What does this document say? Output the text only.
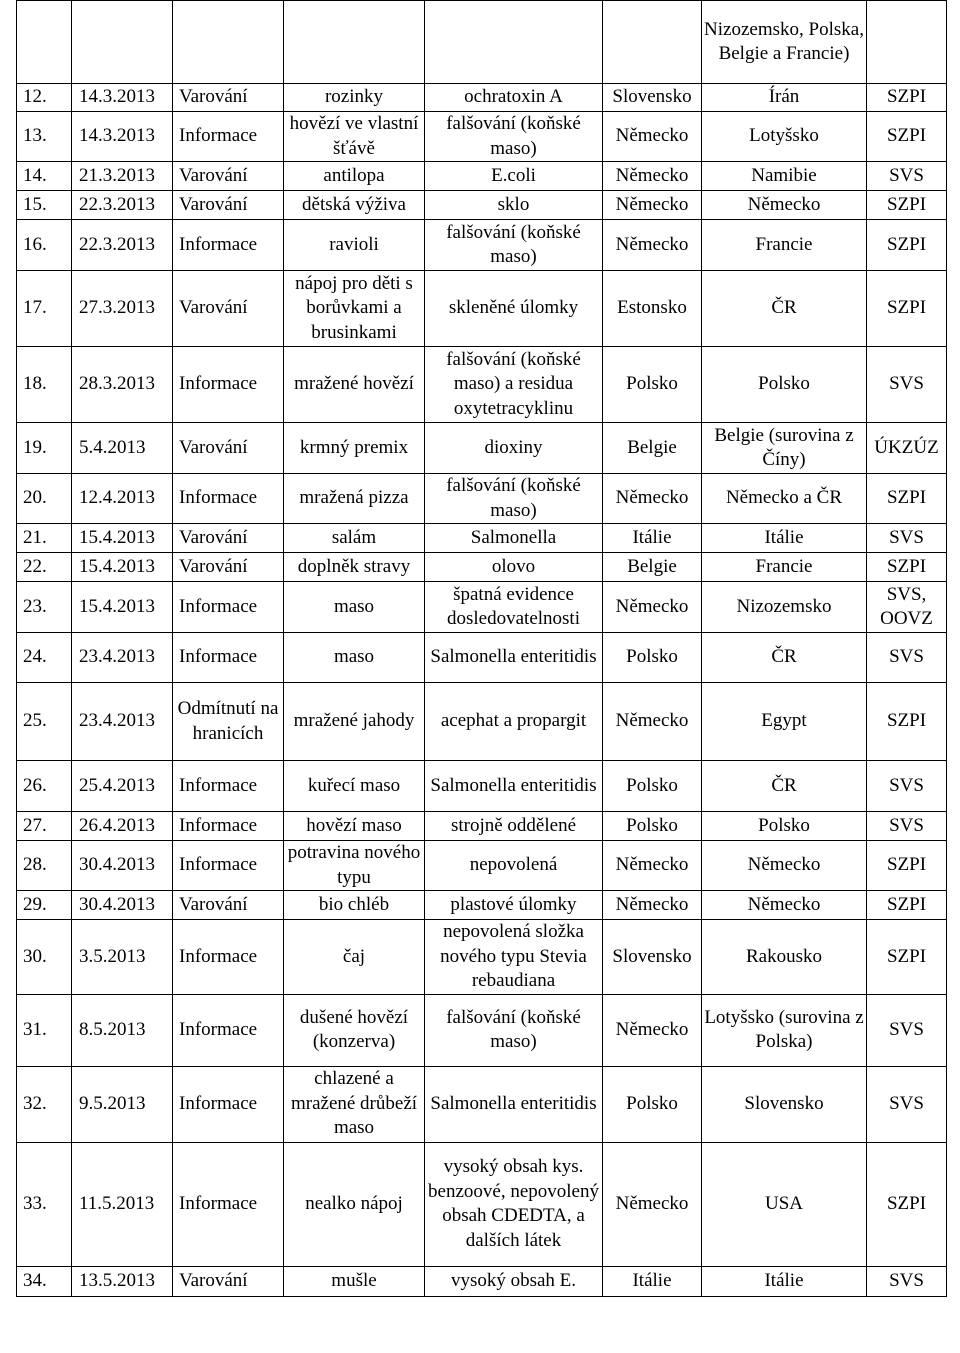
						Nizozemsko, Polska, Belgie a Francie)	
12.	14.3.2013	Varování	rozinky	ochratoxin A	Slovensko	Írán	SZPI
13.	14.3.2013	Informace	hovězí ve vlastní šťávě	falšování (koňské maso)	Německo	Lotyšsko	SZPI
14.	21.3.2013	Varování	antilopa	E.coli	Německo	Namibie	SVS
15.	22.3.2013	Varování	dětská výživa	sklo	Německo	Německo	SZPI
16.	22.3.2013	Informace	ravioli	falšování (koňské maso)	Německo	Francie	SZPI
17.	27.3.2013	Varování	nápoj pro děti s borůvkami a brusinkami	skleněné úlomky	Estonsko	ČR	SZPI
18.	28.3.2013	Informace	mražené hovězí	falšování (koňské maso) a residua oxytetracyklinu	Polsko	Polsko	SVS
19.	5.4.2013	Varování	krmný premix	dioxiny	Belgie	Belgie (surovina z Číny)	ÚKZÚZ
20.	12.4.2013	Informace	mražená pizza	falšování (koňské maso)	Německo	Německo a ČR	SZPI
21.	15.4.2013	Varování	salám	Salmonella	Itálie	Itálie	SVS
22.	15.4.2013	Varování	doplněk stravy	olovo	Belgie	Francie	SZPI
23.	15.4.2013	Informace	maso	špatná evidence dosledovatelnosti	Německo	Nizozemsko	SVS, OOVZ
24.	23.4.2013	Informace	maso	Salmonella enteritidis	Polsko	ČR	SVS
25.	23.4.2013	Odmítnutí na hranicích	mražené jahody	acephat a propargit	Německo	Egypt	SZPI
26.	25.4.2013	Informace	kuřecí maso	Salmonella enteritidis	Polsko	ČR	SVS
27.	26.4.2013	Informace	hovězí maso	strojně oddělené	Polsko	Polsko	SVS
28.	30.4.2013	Informace	potravina nového typu	nepovolená	Německo	Německo	SZPI
29.	30.4.2013	Varování	bio chléb	plastové úlomky	Německo	Německo	SZPI
30.	3.5.2013	Informace	čaj	nepovolená složka nového typu Stevia rebaudiana	Slovensko	Rakousko	SZPI
31.	8.5.2013	Informace	dušené hovězí (konzerva)	falšování (koňské maso)	Německo	Lotyšsko (surovina z Polska)	SVS
32.	9.5.2013	Informace	chlazené a mražené drůbeží maso	Salmonella enteritidis	Polsko	Slovensko	SVS
33.	11.5.2013	Informace	nealko nápoj	vysoký obsah kys. benzoové, nepovolený obsah CDEDTA, a dalších látek	Německo	USA	SZPI
34.	13.5.2013	Varování	mušle	vysoký obsah E.	Itálie	Itálie	SVS
